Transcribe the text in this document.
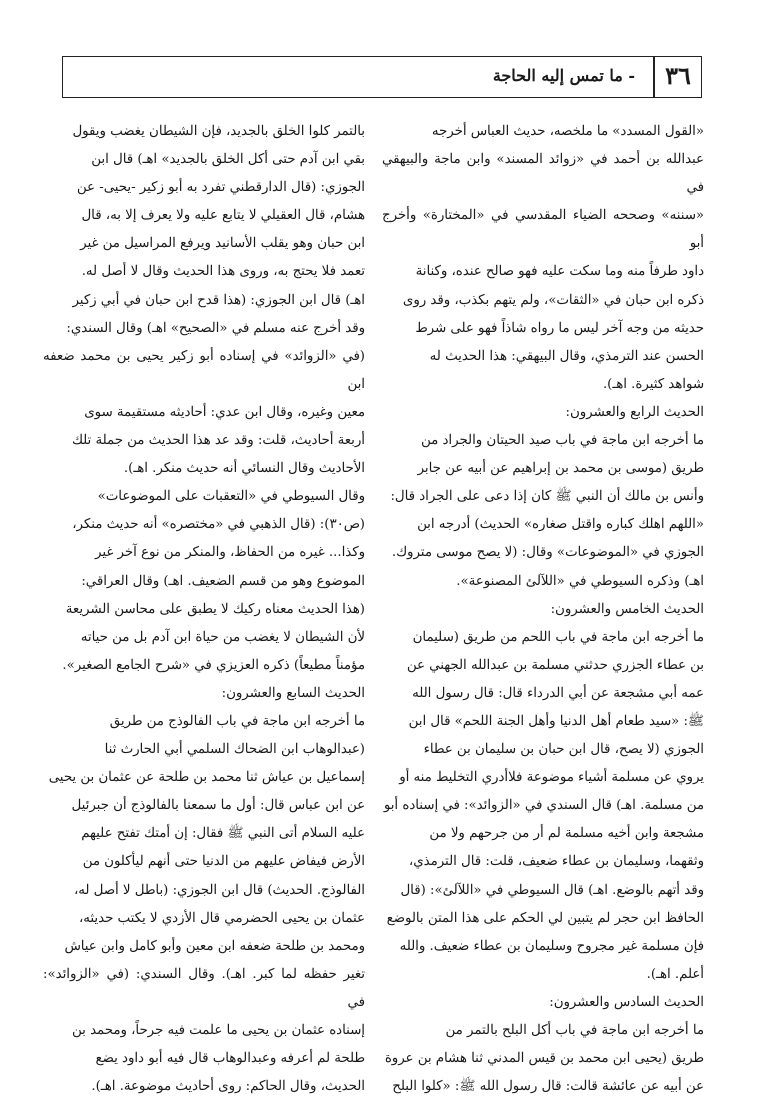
٣٦
- ما تمس إليه الحاجة

«القول المسدد» ما ملخصه، حديث العباس أخرجه

عبدالله بن أحمد في «زوائد المسند» وابن ماجة والبيهقي في

«سننه» وصححه الضياء المقدسي في «المختارة» وأخرج أبو

داود طرفاً منه وما سكت عليه فهو صالح عنده، وكنانة

ذكره ابن حبان في «الثقات»، ولم يتهم بكذب، وقد روى

حديثه من وجه آخر ليس ما رواه شاذاً فهو على شرط

الحسن عند الترمذي، وقال البيهقي: هذا الحديث له

شواهد كثيرة. اهـ).

الحديث الرابع والعشرون:

ما أخرجه ابن ماجة في باب صيد الحيتان والجراد من

طريق (موسى بن محمد بن إبراهيم عن أبيه عن جابر

وأنس بن مالك أن النبي ﷺ كان إذا دعى على الجراد قال:

«اللهم اهلك كباره واقتل صغاره» الحديث) أدرجه ابن

الجوزي في «الموضوعات» وقال: (لا يصح موسى متروك.

اهـ) وذكره السيوطي في «اللآلئ المصنوعة».

الحديث الخامس والعشرون:

ما أخرجه ابن ماجة في باب اللحم من طريق (سليمان

بن عطاء الجزري حدثني مسلمة بن عبدالله الجهني عن

عمه أبي مشجعة عن أبي الدرداء قال: قال رسول الله

ﷺ: «سيد طعام أهل الدنيا وأهل الجنة اللحم» قال ابن

الجوزي (لا يصح، قال ابن حبان بن سليمان بن عطاء

يروي عن مسلمة أشياء موضوعة فلاأدري التخليط منه أو

من مسلمة. اهـ) قال السندي في «الزوائد»: في إسناده أبو

مشجعة وابن أخيه مسلمة لم أر من جرحهم ولا من

وثقهما، وسليمان بن عطاء ضعيف، قلت: قال الترمذي،

وقد أتهم بالوضع. اهـ) قال السيوطي في «اللآلئ»: (قال

الحافظ ابن حجر لم يتبين لي الحكم على هذا المتن بالوضع

فإن مسلمة غير مجروح وسليمان بن عطاء ضعيف. والله

أعلم. اهـ).

الحديث السادس والعشرون:

ما أخرجه ابن ماجة في باب أكل البلح بالتمر من

طريق (يحيى ابن محمد بن قيس المدني ثنا هشام بن عروة

عن أبيه عن عائشة قالت: قال رسول الله ﷺ: «كلوا البلح

بالتمر كلوا الخلق بالجديد، فإن الشيطان يغضب ويقول

بقي ابن آدم حتى أكل الخلق بالجديد» اهـ) قال ابن

الجوزي: (قال الدارقطني تفرد به أبو زكير -يحيى- عن

هشام، قال العقيلي لا يتابع عليه ولا يعرف إلا به، قال

ابن حبان وهو يقلب الأسانيد ويرفع المراسيل من غير

تعمد فلا يحتج به، وروى هذا الحديث وقال لا أصل له.

اهـ) قال ابن الجوزي: (هذا قدح ابن حبان في أبي زكير

وقد أخرج عنه مسلم في «الصحيح» اهـ) وقال السندي:

(في «الزوائد» في إسناده أبو زكير يحيى بن محمد ضعفه ابن

معين وغيره، وقال ابن عدي: أحاديثه مستقيمة سوى

أربعة أحاديث، قلت: وقد عد هذا الحديث من جملة تلك

الأحاديث وقال النسائي أنه حديث منكر. اهـ).

وقال السيوطي في «التعقبات على الموضوعات»

(ص٣٠): (قال الذهبي في «مختصره» أنه حديث منكر،

وكذا... غيره من الحفاظ، والمنكر من نوع آخر غير

الموضوع وهو من قسم الضعيف. اهـ) وقال العراقي:

(هذا الحديث معناه ركيك لا يطبق على محاسن الشريعة

لأن الشيطان لا يغضب من حياة ابن آدم بل من حياته

مؤمناً مطيعاً) ذكره العزيزي في «شرح الجامع الصغير».

الحديث السابع والعشرون:

ما أخرجه ابن ماجة في باب الفالوذج من طريق

(عبدالوهاب ابن الضحاك السلمي أبي الحارث ثنا

إسماعيل بن عياش ثنا محمد بن طلحة عن عثمان بن يحيى

عن ابن عباس قال: أول ما سمعنا بالفالوذج أن جبرئيل

عليه السلام أتى النبي ﷺ فقال: إن أمتك تفتح عليهم

الأرض فيفاض عليهم من الدنيا حتى أنهم ليأكلون من

الفالوذج. الحديث) قال ابن الجوزي: (باطل لا أصل له،

عثمان بن يحيى الحضرمي قال الأزدي لا يكتب حديثه،

ومحمد بن طلحة ضعفه ابن معين وأبو كامل وابن عياش

تغير حفظه لما كبر. اهـ). وقال السندي: (في «الزوائد»: في

إسناده عثمان بن يحيى ما علمت فيه جرحاً، ومحمد بن

طلحة لم أعرفه وعبدالوهاب قال فيه أبو داود يضع

الحديث، وقال الحاكم: روى أحاديث موضوعة. اهـ).
